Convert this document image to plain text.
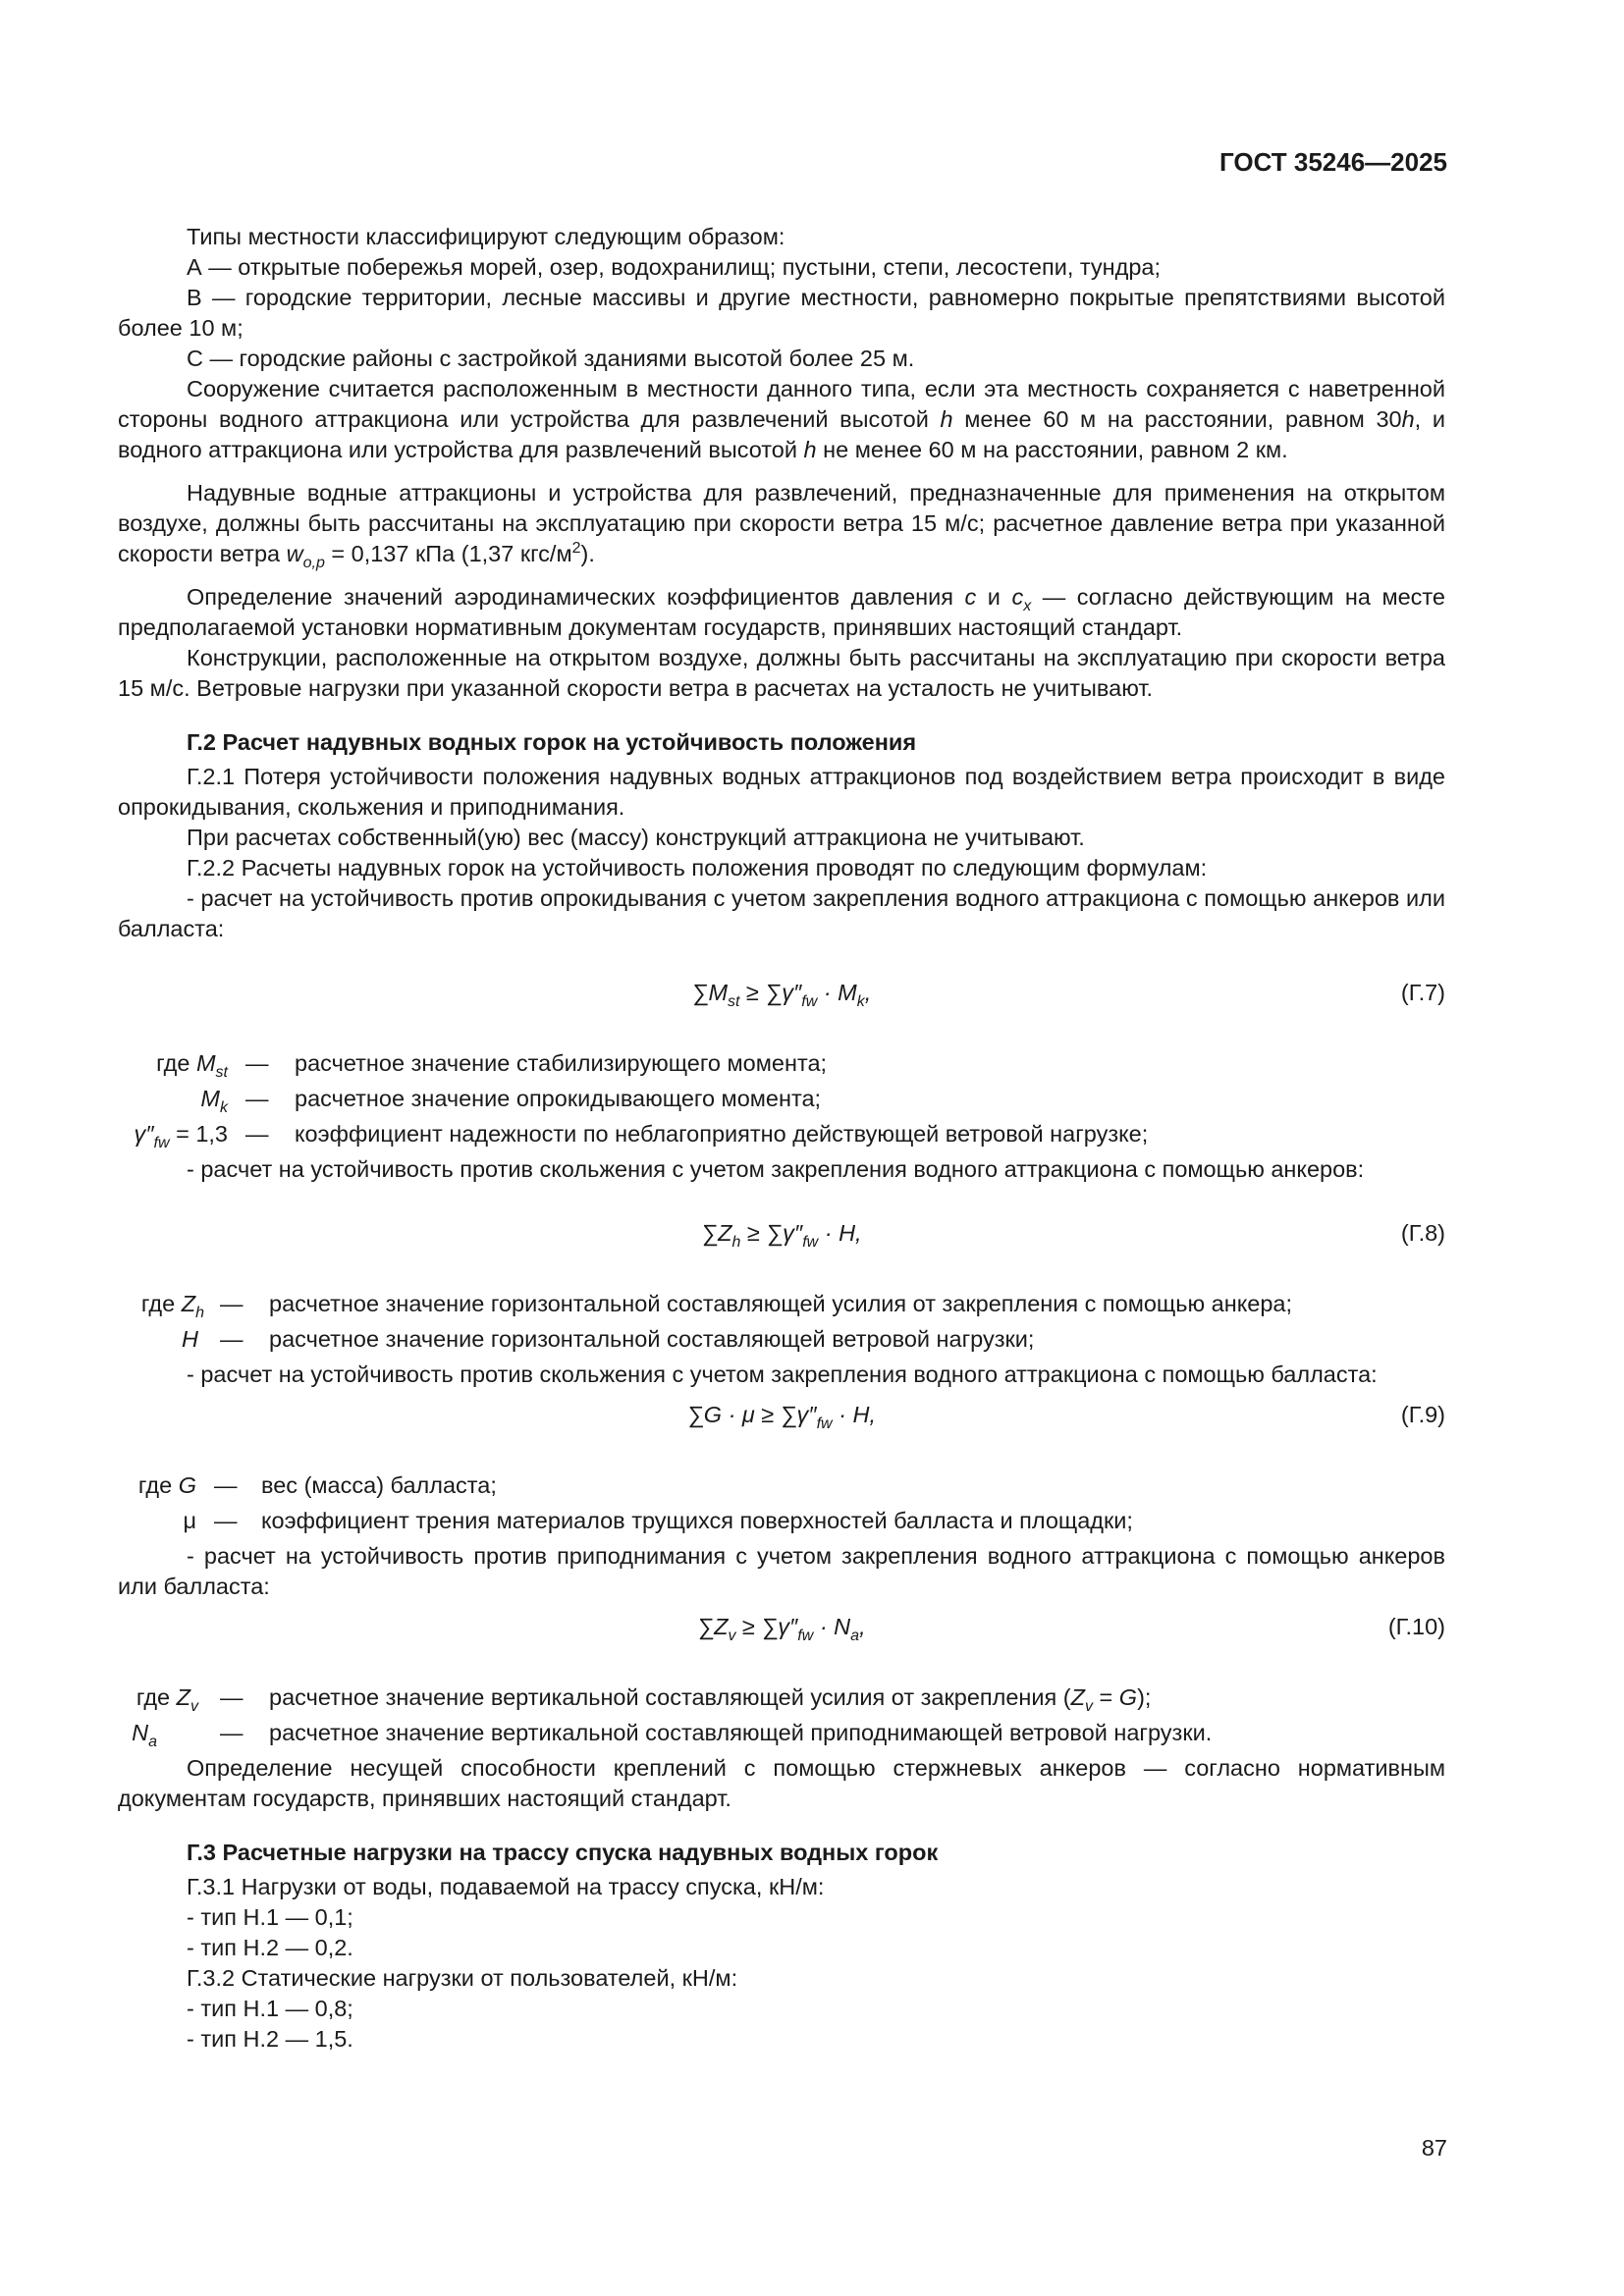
ГОСТ 35246—2025

Типы местности классифицируют следующим образом:

А — открытые побережья морей, озер, водохранилищ; пустыни, степи, лесостепи, тундра;

В — городские территории, лесные массивы и другие местности, равномерно покрытые препятствиями высотой более 10 м;

С — городские районы с застройкой зданиями высотой более 25 м.

Сооружение считается расположенным в местности данного типа, если эта местность сохраняется с наветренной стороны водного аттракциона или устройства для развлечений высотой h менее 60 м на расстоянии, равном 30h, и водного аттракциона или устройства для развлечений высотой h не менее 60 м на расстоянии, равном 2 км.

Надувные водные аттракционы и устройства для развлечений, предназначенные для применения на открытом воздухе, должны быть рассчитаны на эксплуатацию при скорости ветра 15 м/с; расчетное давление ветра при указанной скорости ветра $w_{o,p} = 0,137$ кПа (1,37 кгс/$м^2$).

Определение значений аэродинамических коэффициентов давления c и $c_x$ — согласно действующим на месте предполагаемой установки нормативным документам государств, принявших настоящий стандарт.

Конструкции, расположенные на открытом воздухе, должны быть рассчитаны на эксплуатацию при скорости ветра 15 м/с. Ветровые нагрузки при указанной скорости ветра в расчетах на усталость не учитывают.

Г.2 Расчет надувных водных горок на устойчивость положения

Г.2.1 Потеря устойчивости положения надувных водных аттракционов под воздействием ветра происходит в виде опрокидывания, скольжения и приподнимания.

При расчетах собственный(ую) вес (массу) конструкций аттракциона не учитывают.

Г.2.2 Расчеты надувных горок на устойчивость положения проводят по следующим формулам:

- расчет на устойчивость против опрокидывания с учетом закрепления водного аттракциона с помощью анкеров или балласта:

$\sum M_{st} \ge \sum\gamma''_{fw} \cdot M_k$,	(Г.7)
где $M_{st}$ — расчетное значение стабилизирующего момента;
$M_k$ — расчетное значение опрокидывающего момента;
$\gamma''_{fw} = 1,3$ — коэффициент надежности по неблагоприятно действующей ветровой нагрузке;

- расчет на устойчивость против скольжения с учетом закрепления водного аттракциона с помощью анкеров:

$\sum Z_h \ge \sum\gamma''_{fw} \cdot H$,	(Г.8)
где $Z_h$ — расчетное значение горизонтальной составляющей усилия от закрепления с помощью анкера;
H — расчетное значение горизонтальной составляющей ветровой нагрузки;

- расчет на устойчивость против скольжения с учетом закрепления водного аттракциона с помощью балласта:

$\sum G \cdot \mu \ge \sum\gamma''_{fw} \cdot H$,	(Г.9)
где G — вес (масса) балласта;
μ — коэффициент трения материалов трущихся поверхностей балласта и площадки;

- расчет на устойчивость против приподнимания с учетом закрепления водного аттракциона с помощью анкеров или балласта:

$\sum Z_v \ge \sum\gamma''_{fw} \cdot N_a$,	(Г.10)
где $Z_v$ — расчетное значение вертикальной составляющей усилия от закрепления $(Z_v = G)$;
$N_a$	— расчетное значение вертикальной составляющей приподнимающей ветровой нагрузки.

Определение несущей способности креплений с помощью стержневых анкеров — согласно нормативным документам государств, принявших настоящий стандарт.

Г.3 Расчетные нагрузки на трассу спуска надувных водных горок

Г.3.1 Нагрузки от воды, подаваемой на трассу спуска, кН/м:

- тип Н.1 — 0,1;

- тип Н.2 — 0,2.

Г.3.2 Статические нагрузки от пользователей, кН/м:

- тип Н.1 — 0,8;

- тип Н.2 — 1,5.

87
